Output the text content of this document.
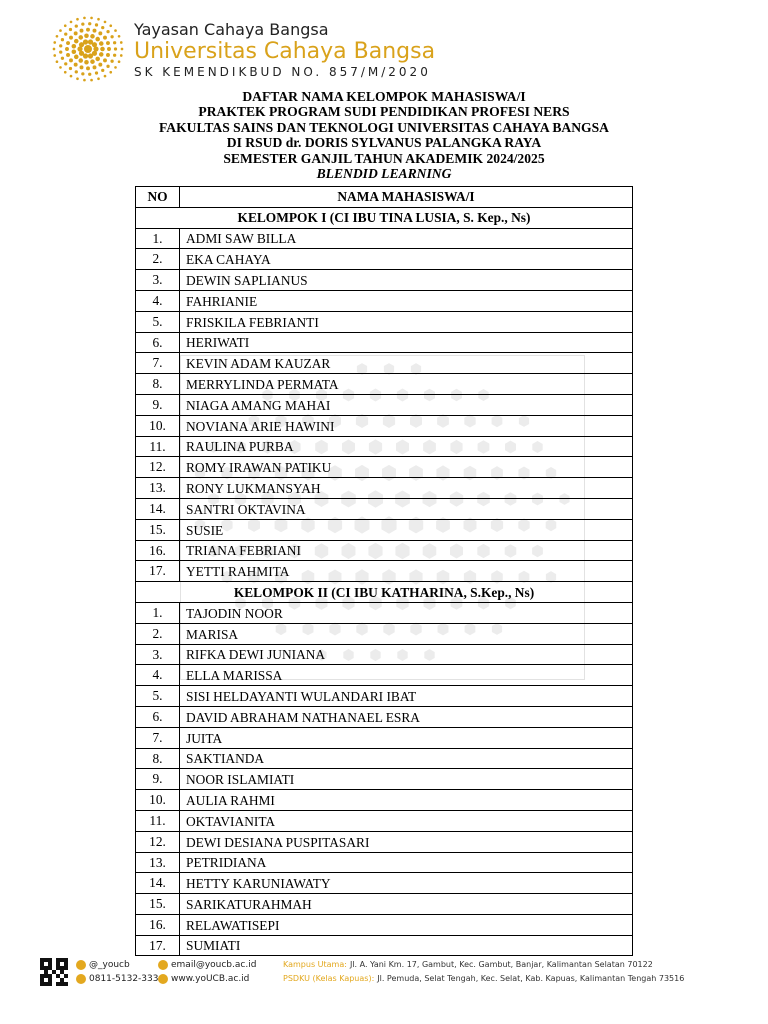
Yayasan Cahaya Bangsa
Universitas Cahaya Bangsa
SK KEMENDIKBUD NO. 857/M/2020
DAFTAR NAMA KELOMPOK MAHASISWA/I
PRAKTEK PROGRAM SUDI PENDIDIKAN PROFESI NERS
FAKULTAS SAINS DAN TEKNOLOGI UNIVERSITAS CAHAYA BANGSA
DI RSUD dr. DORIS SYLVANUS PALANGKA RAYA
SEMESTER GANJIL TAHUN AKADEMIK 2024/2025
BLENDID LEARNING
NO	NAMA MAHASISWA/I
KELOMPOK I (CI IBU TINA LUSIA, S. Kep., Ns)	
1.	ADMI SAW BILLA
2.	EKA CAHAYA
3.	DEWIN SAPLIANUS
4.	FAHRIANIE
5.	FRISKILA FEBRIANTI
6.	HERIWATI
7.	KEVIN ADAM KAUZAR
8.	MERRYLINDA PERMATA
9.	NIAGA AMANG MAHAI
10.	NOVIANA ARIE HAWINI
11.	RAULINA PURBA
12.	ROMY IRAWAN PATIKU
13.	RONY LUKMANSYAH
14.	SANTRI OKTAVINA
15.	SUSIE
16.	TRIANA FEBRIANI
17.	YETTI RAHMITA
KELOMPOK II (CI IBU KATHARINA, S.Kep., Ns)	
1.	TAJODIN NOOR
2.	MARISA
3.	RIFKA DEWI JUNIANA
4.	ELLA MARISSA
5.	SISI HELDAYANTI WULANDARI IBAT
6.	DAVID ABRAHAM NATHANAEL ESRA
7.	JUITA
8.	SAKTIANDA
9.	NOOR ISLAMIATI
10.	AULIA RAHMI
11.	OKTAVIANITA
12.	DEWI DESIANA PUSPITASARI
13.	PETRIDIANA
14.	HETTY KARUNIAWATY
15.	SARIKATURAHMAH
16.	RELAWATISEPI
17.	SUMIATI
@_youcb
0811-5132-333
email@youcb.ac.id
www.yoUCB.ac.id
Kampus Utama: Jl. A. Yani Km. 17, Gambut, Kec. Gambut, Banjar, Kalimantan Selatan 70122
PSDKU (Kelas Kapuas): Jl. Pemuda, Selat Tengah, Kec. Selat, Kab. Kapuas, Kalimantan Tengah 73516
